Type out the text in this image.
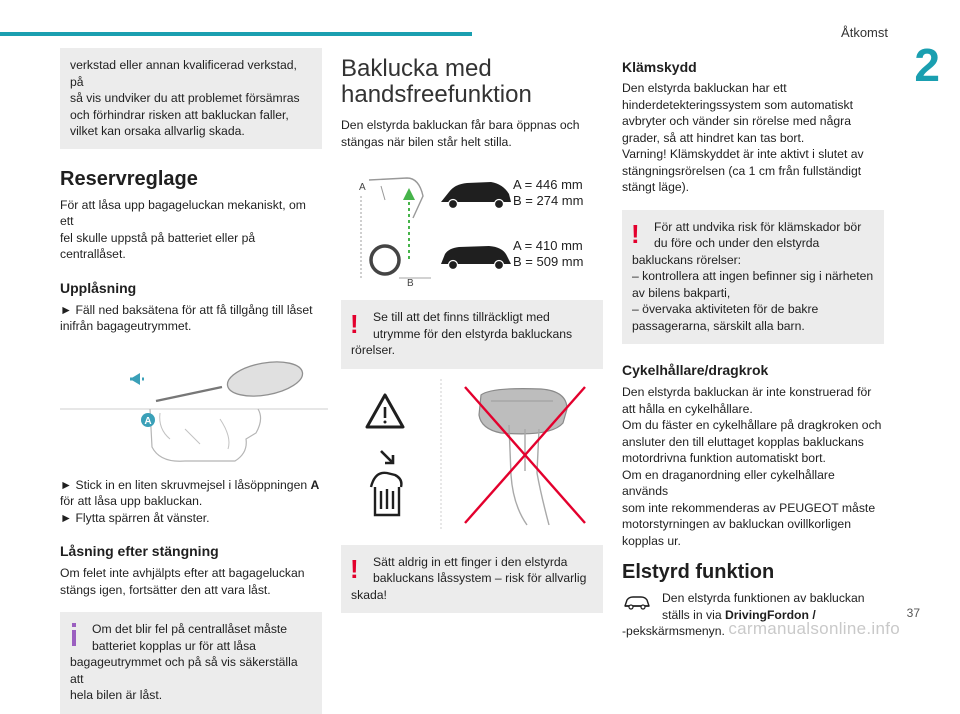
Åtkomst
2
verkstad eller annan kvalificerad verkstad, på
så vis undviker du att problemet försämras
och förhindrar risken att bakluckan faller,
vilket kan orsaka allvarlig skada.
Reservreglage

För att låsa upp bagageluckan mekaniskt, om ett
fel skulle uppstå på batteriet eller på centrallåset.

Upplåsning

► Fäll ned baksätena för att få tillgång till låset
inifrån bagageutrymmet.

A

► Stick in en liten skruvmejsel i låsöppningen A
för att låsa upp bakluckan.
► Flytta spärren åt vänster.

Låsning efter stängning

Om felet inte avhjälpts efter att bagageluckan
stängs igen, fortsätter den att vara låst.

Om det blir fel på centrallåset måste
batteriet kopplas ur för att låsa
bagageutrymmet och på så vis säkerställa att
hela bilen är låst.
Baklucka med
handsfreefunktion

Den elstyrda bakluckan får bara öppnas och
stängas när bilen står helt stilla.

A
B
A = 446 mm
B = 274 mm
A = 410 mm
B = 509 mm
!	Se till att det finns tillräckligt med
utrymme för den elstyrda bakluckans
rörelser.
!	Sätt aldrig in ett finger i den elstyrda
bakluckans låssystem – risk för allvarlig
skada!
Klämskydd

Den elstyrda bakluckan har ett
hinderdetekteringssystem som automatiskt
avbryter och vänder sin rörelse med några
grader, så att hindret kan tas bort.
Varning! Klämskyddet är inte aktivt i slutet av
stängningsrörelsen (ca 1 cm från fullständigt
stängt läge).

!	För att undvika risk för klämskador bör
du före och under den elstyrda
bakluckans rörelser:
– kontrollera att ingen befinner sig i närheten
av bilens bakparti,
– övervaka aktiviteten för de bakre
passagerarna, särskilt alla barn.
Cykelhållare/dragkrok

Den elstyrda bakluckan är inte konstruerad för
att hålla en cykelhållare.
Om du fäster en cykelhållare på dragkroken och
ansluter den till eluttaget kopplas bakluckans
motordrivna funktion automatiskt bort.
Om en draganordning eller cykelhållare används
som inte rekommenderas av PEUGEOT måste
motorstyrningen av bakluckan ovillkorligen
kopplas ur.

Elstyrd funktion

Den elstyrda funktionen av bakluckan
ställs in via DrivingFordon /
-pekskärmsmenyn.

37
carmanualsonline.info
